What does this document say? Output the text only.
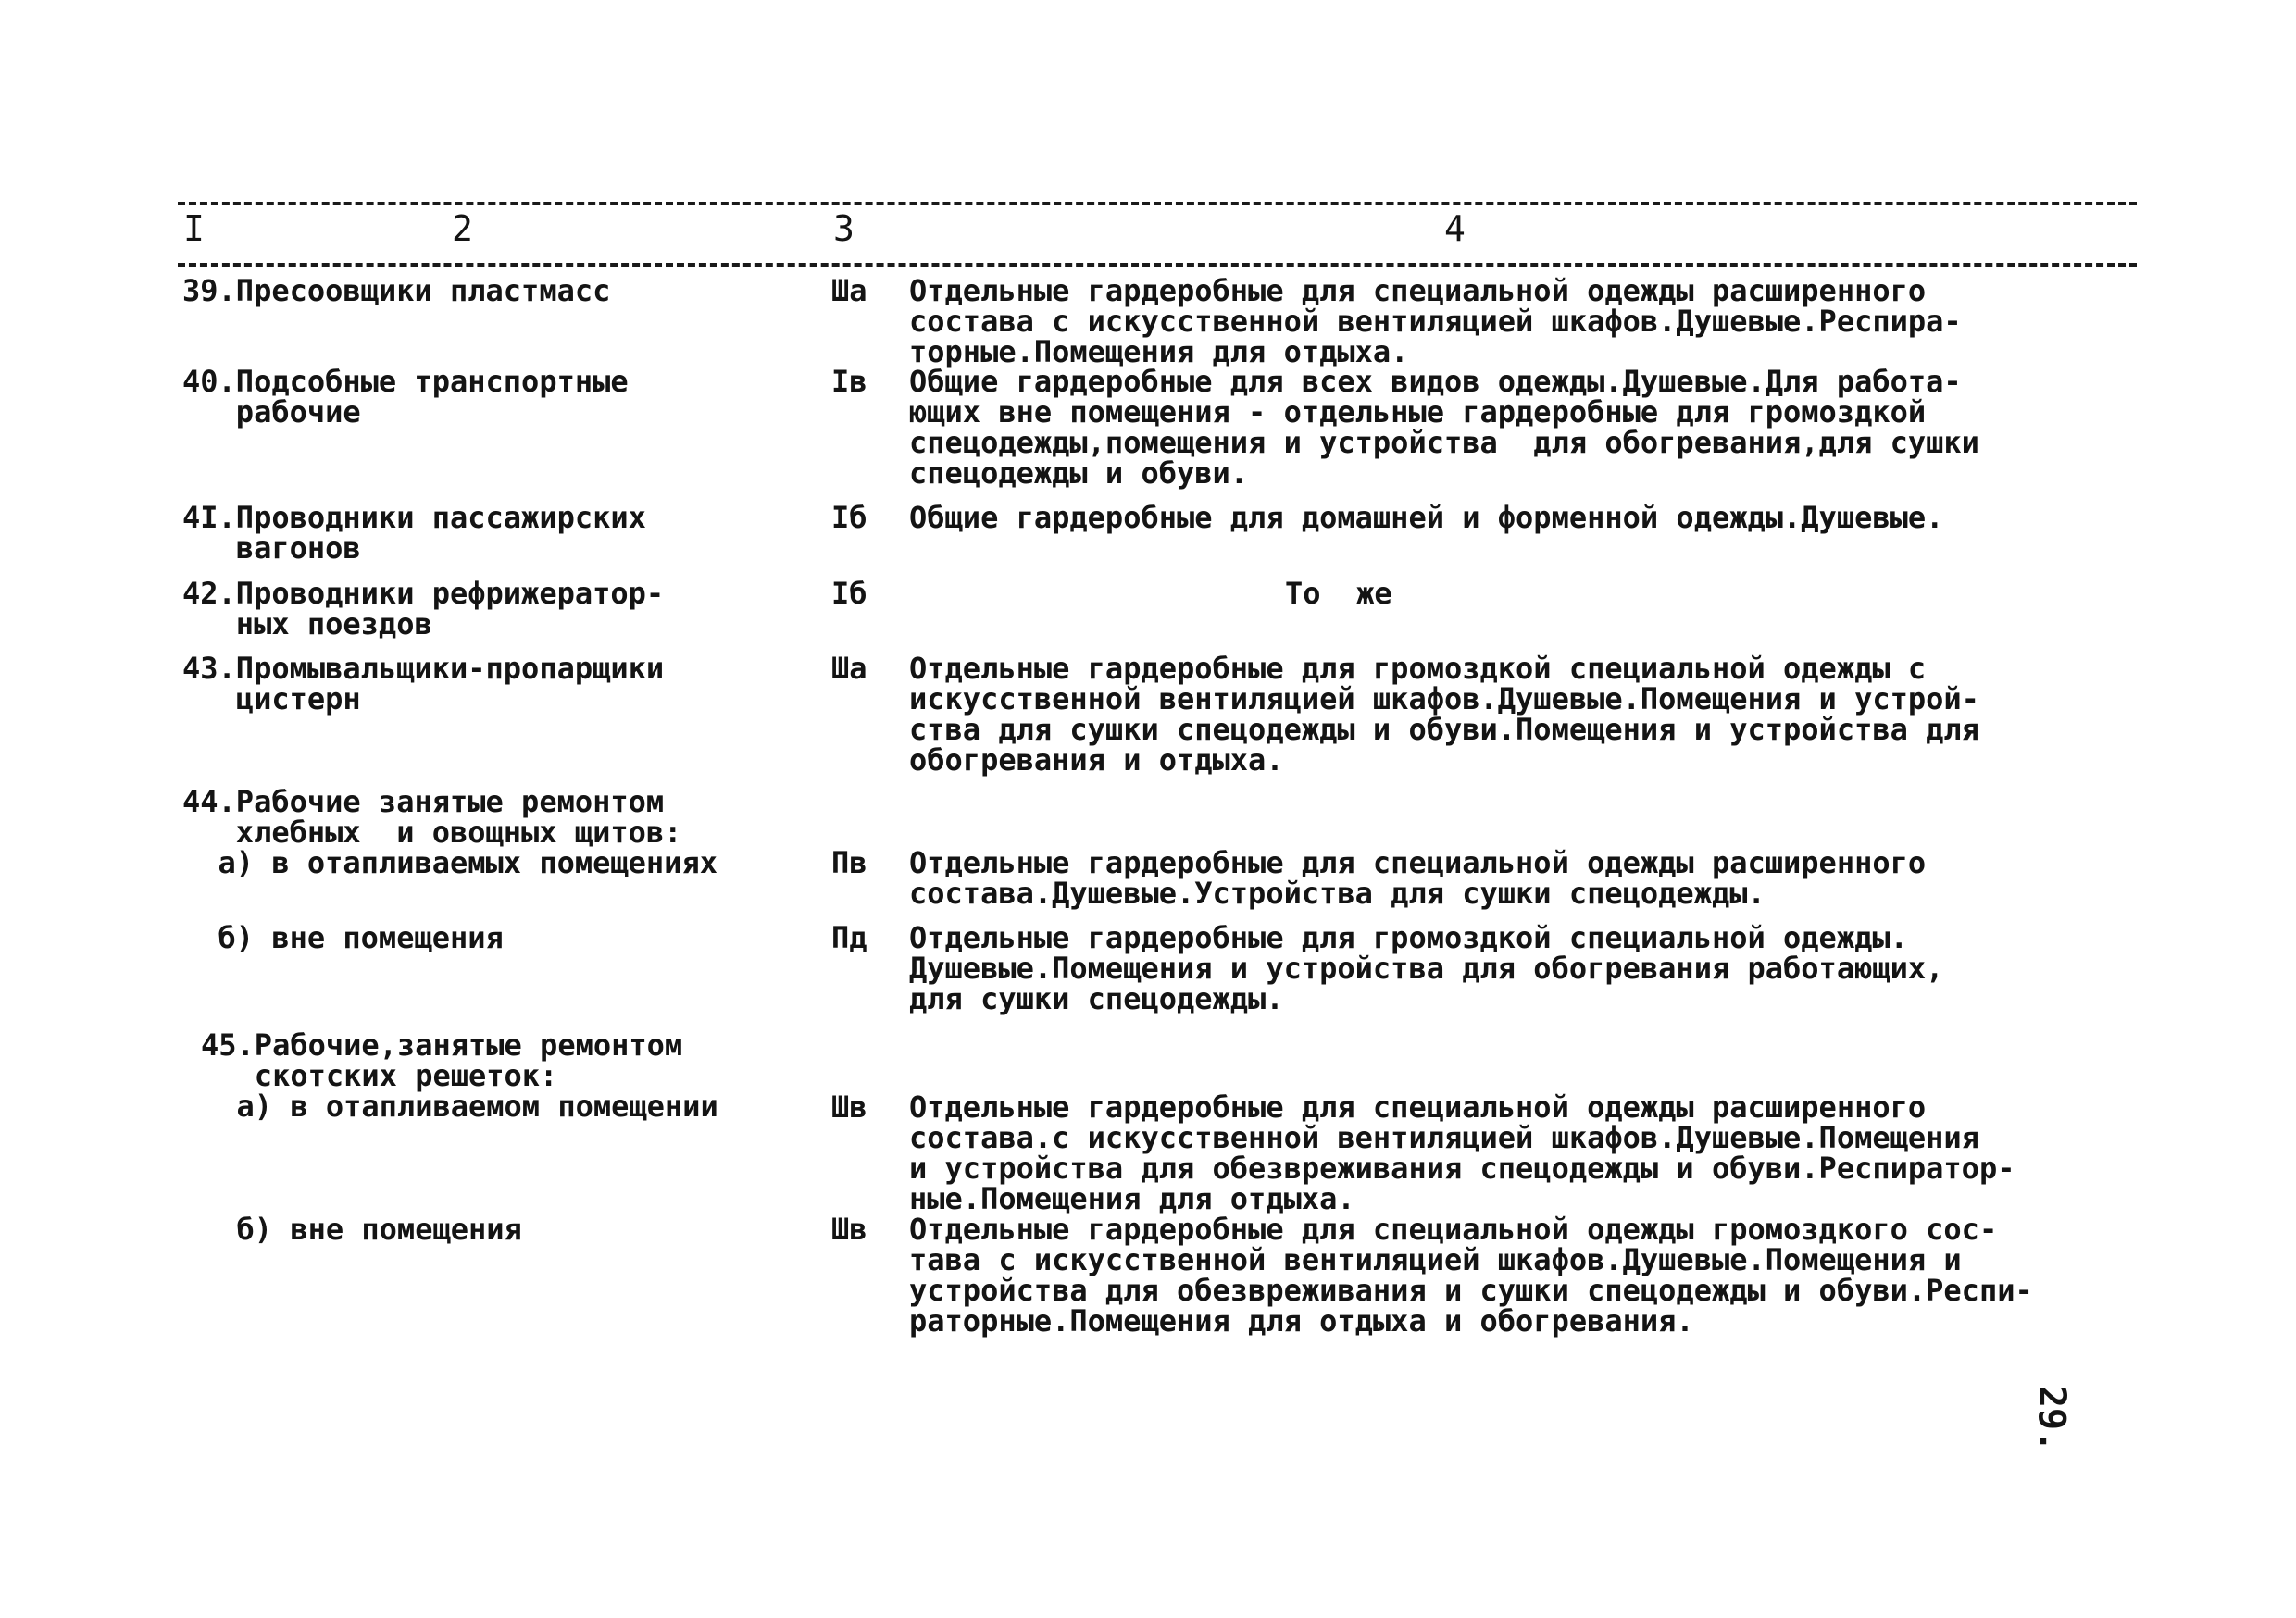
I	2	3	4
39.Пресоовщики пластмасс	Ша	Отдельные гардеробные для специальной одежды расширенного
состава с искусственной вентиляцией шкафов.Душевые.Респира-
торные.Помещения для отдыха.
40.Подсобные транспортные
рабочие
Iв	Общие гардеробные для всех видов одежды.Душевые.Для работа-
ющих вне помещения - отдельные гардеробные для громоздкой
спецодежды,помещения и устройства  для обогревания,для сушки
спецодежды и обуви.
4I.Проводники пассажирских
вагонов
Iб	Общие гардеробные для домашней и форменной одежды.Душевые.
42.Проводники рефрижератор-
ных поездов
Iб	То  же
43.Промывальщики-пропарщики
цистерн
Ша	Отдельные гардеробные для громоздкой специальной одежды с
искусственной вентиляцией шкафов.Душевые.Помещения и устрой-
ства для сушки спецодежды и обуви.Помещения и устройства для
обогревания и отдыха.
44.Рабочие занятые ремонтом
хлебных  и овощных щитов:
а) в отапливаемых помещениях	Пв	Отдельные гардеробные для специальной одежды расширенного
состава.Душевые.Устройства для сушки спецодежды.
б) вне помещения	Пд	Отдельные гардеробные для громоздкой специальной одежды.
Душевые.Помещения и устройства для обогревания работающих,
для сушки спецодежды.
45.Рабочие,занятые ремонтом
скотских решеток:
а) в отапливаемом помещении	Шв	Отдельные гардеробные для специальной одежды расширенного
состава.с искусственной вентиляцией шкафов.Душевые.Помещения
и устройства для обезвреживания спецодежды и обуви.Респиратор-
ные.Помещения для отдыха.
б) вне помещения	Шв	Отдельные гардеробные для специальной одежды громоздкого сос-
тава с искусственной вентиляцией шкафов.Душевые.Помещения и
устройства для обезвреживания и сушки спецодежды и обуви.Респи-
раторные.Помещения для отдыха и обогревания.
29.
